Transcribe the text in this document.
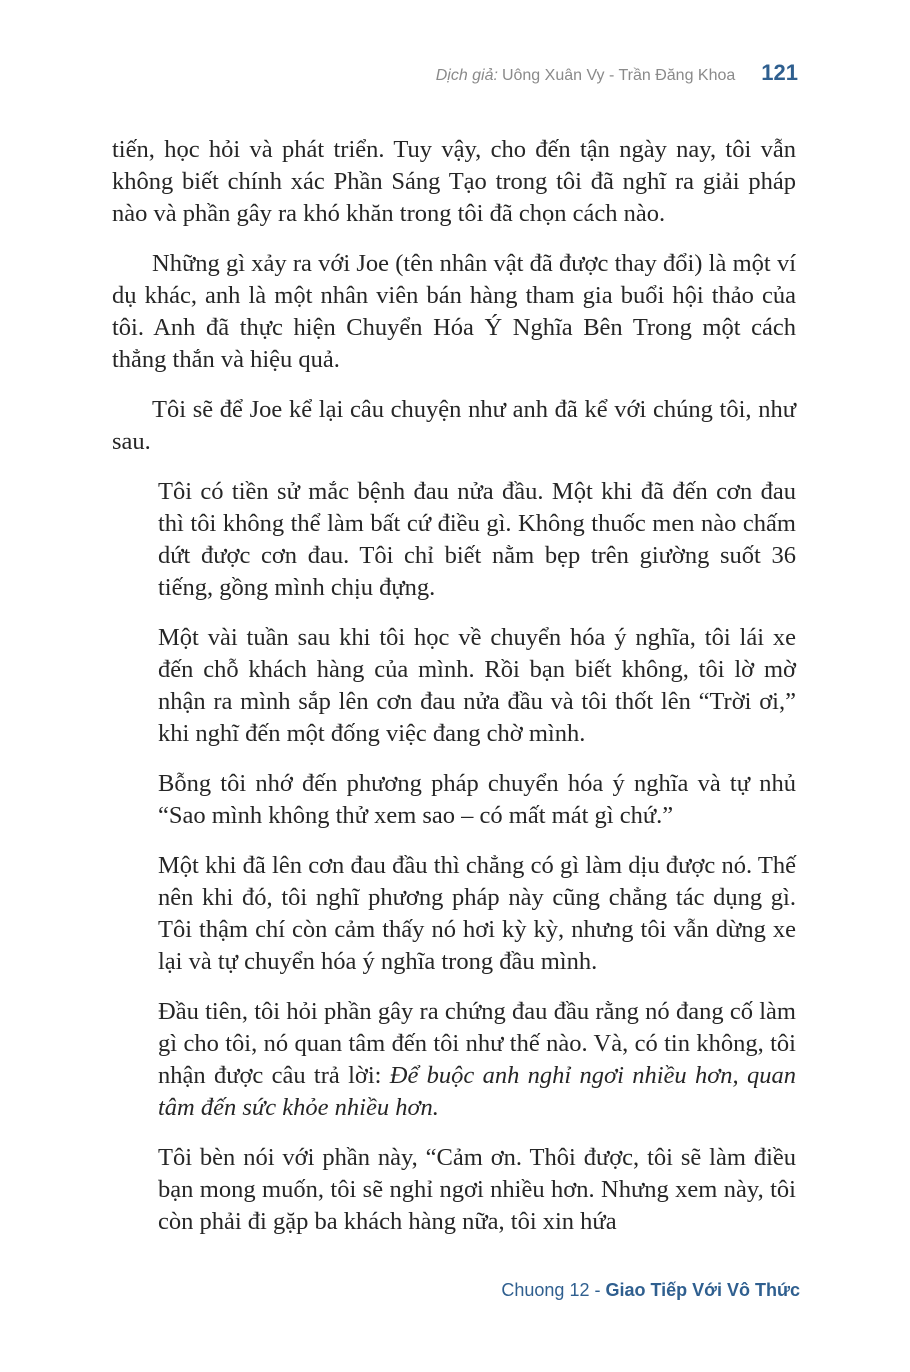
Dịch giả: Uông Xuân Vy - Trần Đăng Khoa 121

tiến, học hỏi và phát triển. Tuy vậy, cho đến tận ngày nay, tôi vẫn không biết chính xác Phần Sáng Tạo trong tôi đã nghĩ ra giải pháp nào và phần gây ra khó khăn trong tôi đã chọn cách nào.

Những gì xảy ra với Joe (tên nhân vật đã được thay đổi) là một ví dụ khác, anh là một nhân viên bán hàng tham gia buổi hội thảo của tôi. Anh đã thực hiện Chuyển Hóa Ý Nghĩa Bên Trong một cách thẳng thắn và hiệu quả.

Tôi sẽ để Joe kể lại câu chuyện như anh đã kể với chúng tôi, như sau.

Tôi có tiền sử mắc bệnh đau nửa đầu. Một khi đã đến cơn đau thì tôi không thể làm bất cứ điều gì. Không thuốc men nào chấm dứt được cơn đau. Tôi chỉ biết nằm bẹp trên giường suốt 36 tiếng, gồng mình chịu đựng.

Một vài tuần sau khi tôi học về chuyển hóa ý nghĩa, tôi lái xe đến chỗ khách hàng của mình. Rồi bạn biết không, tôi lờ mờ nhận ra mình sắp lên cơn đau nửa đầu và tôi thốt lên “Trời ơi,” khi nghĩ đến một đống việc đang chờ mình.

Bỗng tôi nhớ đến phương pháp chuyển hóa ý nghĩa và tự nhủ “Sao mình không thử xem sao – có mất mát gì chứ.”

Một khi đã lên cơn đau đầu thì chẳng có gì làm dịu được nó. Thế nên khi đó, tôi nghĩ phương pháp này cũng chẳng tác dụng gì. Tôi thậm chí còn cảm thấy nó hơi kỳ kỳ, nhưng tôi vẫn dừng xe lại và tự chuyển hóa ý nghĩa trong đầu mình.

Đầu tiên, tôi hỏi phần gây ra chứng đau đầu rằng nó đang cố làm gì cho tôi, nó quan tâm đến tôi như thế nào. Và, có tin không, tôi nhận được câu trả lời: Để buộc anh nghỉ ngơi nhiều hơn, quan tâm đến sức khỏe nhiều hơn.

Tôi bèn nói với phần này, “Cảm ơn. Thôi được, tôi sẽ làm điều bạn mong muốn, tôi sẽ nghỉ ngơi nhiều hơn. Nhưng xem này, tôi còn phải đi gặp ba khách hàng nữa, tôi xin hứa

Chuong 12 - Giao Tiếp Với Vô Thức
